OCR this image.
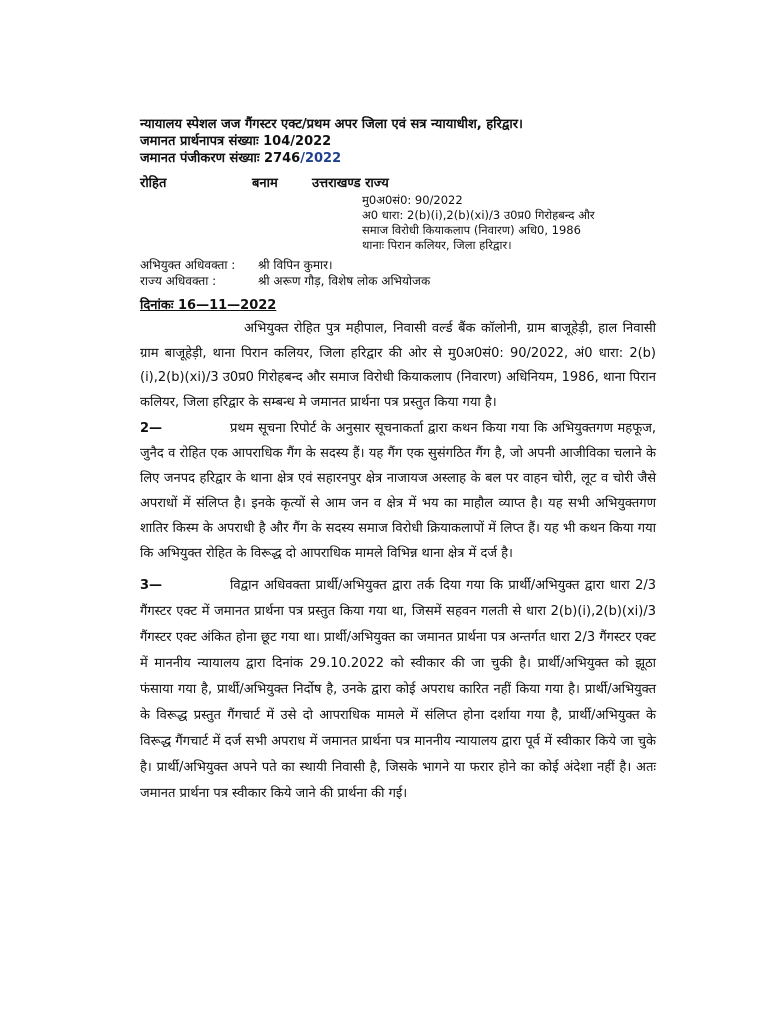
न्यायालय स्पेशल जज गैंगस्टर एक्ट/प्रथम अपर जिला एवं सत्र न्यायाधीश, हरिद्वार।
जमानत प्रार्थनापत्र संख्याः 104/2022
जमानत पंजीकरण संख्याः 2746/2022
रोहित	बनाम	उत्तराखण्ड राज्य
मु0अ0सं0: 90/2022
अ0 धारा: 2(b)(i),2(b)(xi)/3 उ0प्र0 गिरोहबन्द और
समाज विरोधी कियाकलाप (निवारण) अधि0, 1986
थानाः पिरान कलियर, जिला हरिद्वार।
अभियुक्त अधिवक्ता :	श्री विपिन कुमार।
राज्य अधिवक्ता :	श्री अरूण गौड़, विशेष लोक अभियोजक
दिनांकः 16—11—2022

अभियुक्त रोहित पुत्र महीपाल, निवासी वर्ल्ड बैंक कॉलोनी, ग्राम बाजूहेड़ी, हाल निवासी ग्राम बाजूहेड़ी, थाना पिरान कलियर, जिला हरिद्वार की ओर से मु0अ0सं0: 90/2022, अं0 धारा: 2(b)(i),2(b)(xi)/3 उ0प्र0 गिरोहबन्द और समाज विरोधी कियाकलाप (निवारण) अधिनियम, 1986, थाना पिरान कलियर, जिला हरिद्वार के सम्बन्ध मे जमानत प्रार्थना पत्र प्रस्तुत किया गया है।

2—	प्रथम सूचना रिपोर्ट के अनुसार सूचनाकर्ता द्वारा कथन किया गया कि अभियुक्तगण महफूज, जुनैद व रोहित एक आपराधिक गैंग के सदस्य हैं। यह गैंग एक सुसंगठित गैंग है, जो अपनी आजीविका चलाने के लिए जनपद हरिद्वार के थाना क्षेत्र एवं सहारनपुर क्षेत्र नाजायज अस्लाह के बल पर वाहन चोरी, लूट व चोरी जैसे अपराधों में संलिप्त है। इनके कृत्यों से आम जन व क्षेत्र में भय का माहौल व्याप्त है। यह सभी अभियुक्तगण शातिर किस्म के अपराधी है और गैंग के सदस्य समाज विरोधी क्रियाकलापों में लिप्त हैं। यह भी कथन किया गया कि अभियुक्त रोहित के विरूद्ध दो आपराधिक मामले विभिन्न थाना क्षेत्र में दर्ज है।

3—	विद्वान अधिवक्ता प्रार्थी/अभियुक्त द्वारा तर्क दिया गया कि प्रार्थी/अभियुक्त द्वारा धारा 2/3 गैंगस्टर एक्ट में जमानत प्रार्थना पत्र प्रस्तुत किया गया था, जिसमें सहवन गलती से धारा 2(b)(i),2(b)(xi)/3 गैंगस्टर एक्ट अंकित होना छूट गया था। प्रार्थी/अभियुक्त का जमानत प्रार्थना पत्र अन्तर्गत धारा 2/3 गैंगस्टर एक्ट में माननीय न्यायालय द्वारा दिनांक 29.10.2022 को स्वीकार की जा चुकी है। प्रार्थी/अभियुक्त को झूठा फंसाया गया है, प्रार्थी/अभियुक्त निर्दोष है, उनके द्वारा कोई अपराध कारित नहीं किया गया है। प्रार्थी/अभियुक्त के विरूद्ध प्रस्तुत गैंगचार्ट में उसे दो आपराधिक मामले में संलिप्त होना दर्शाया गया है, प्रार्थी/अभियुक्त के विरूद्ध गैंगचार्ट में दर्ज सभी अपराध में जमानत प्रार्थना पत्र माननीय न्यायालय द्वारा पूर्व में स्वीकार किये जा चुके है। प्रार्थी/अभियुक्त अपने पते का स्थायी निवासी है, जिसके भागने या फरार होने का कोई अंदेशा नहीं है। अतः जमानत प्रार्थना पत्र स्वीकार किये जाने की प्रार्थना की गई।
